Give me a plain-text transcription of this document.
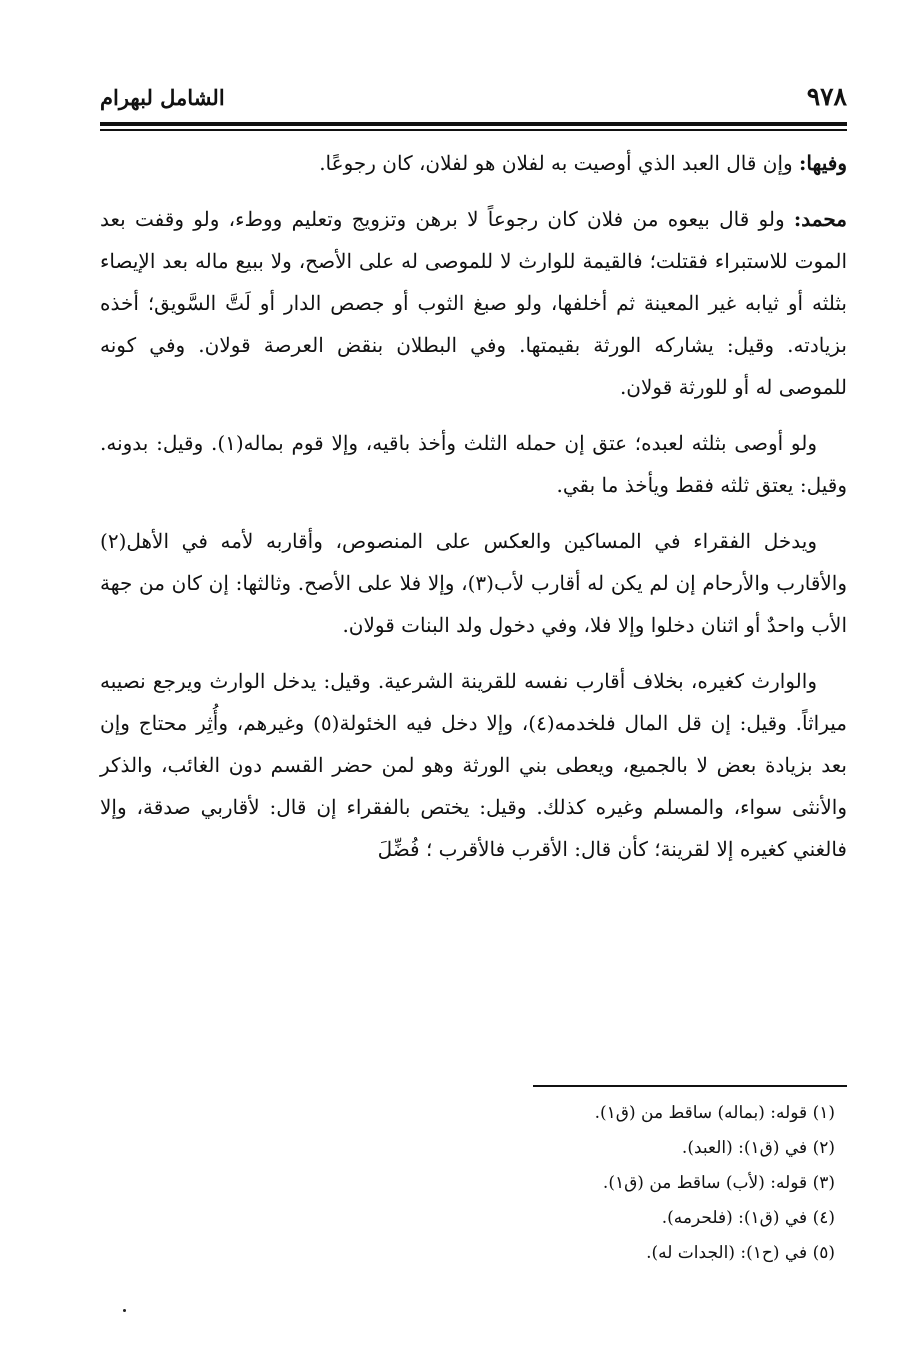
٩٧٨
الشامل لبهرام

وفيها: وإن قال العبد الذي أوصيت به لفلان هو لفلان، كان رجوعًا.

محمد: ولو قال بيعوه من فلان كان رجوعاً لا برهن وتزويج وتعليم ووطء، ولو وقفت بعد الموت للاستبراء فقتلت؛ فالقيمة للوارث لا للموصى له على الأصح، ولا ببيع ماله بعد الإيصاء بثلثه أو ثيابه غير المعينة ثم أخلفها، ولو صبغ الثوب أو جصص الدار أو لَتَّ السَّويق؛ أخذه بزيادته. وقيل: يشاركه الورثة بقيمتها. وفي البطلان بنقض العرصة قولان. وفي كونه للموصى له أو للورثة قولان.

ولو أوصى بثلثه لعبده؛ عتق إن حمله الثلث وأخذ باقيه، وإلا قوم بماله(١). وقيل: بدونه. وقيل: يعتق ثلثه فقط ويأخذ ما بقي.

ويدخل الفقراء في المساكين والعكس على المنصوص، وأقاربه لأمه في الأهل(٢) والأقارب والأرحام إن لم يكن له أقارب لأب(٣)، وإلا فلا على الأصح. وثالثها: إن كان من جهة الأب واحدٌ أو اثنان دخلوا وإلا فلا، وفي دخول ولد البنات قولان.

والوارث كغيره، بخلاف أقارب نفسه للقرينة الشرعية. وقيل: يدخل الوارث ويرجع نصيبه ميراثاً. وقيل: إن قل المال فلخدمه(٤)، وإلا دخل فيه الخئولة(٥) وغيرهم، وأُثِر محتاج وإن بعد بزيادة بعض لا بالجميع، ويعطى بني الورثة وهو لمن حضر القسم دون الغائب، والذكر والأنثى سواء، والمسلم وغيره كذلك. وقيل: يختص بالفقراء إن قال: لأقاربي صدقة، وإلا فالغني كغيره إلا لقرينة؛ كأن قال: الأقرب فالأقرب ؛ فُضِّلَ

(١) قوله: (بماله) ساقط من (ق١).
(٢) في (ق١): (العبد).
(٣) قوله: (لأب) ساقط من (ق١).
(٤) في (ق١): (فلحرمه).
(٥) في (ح١): (الجدات له).
